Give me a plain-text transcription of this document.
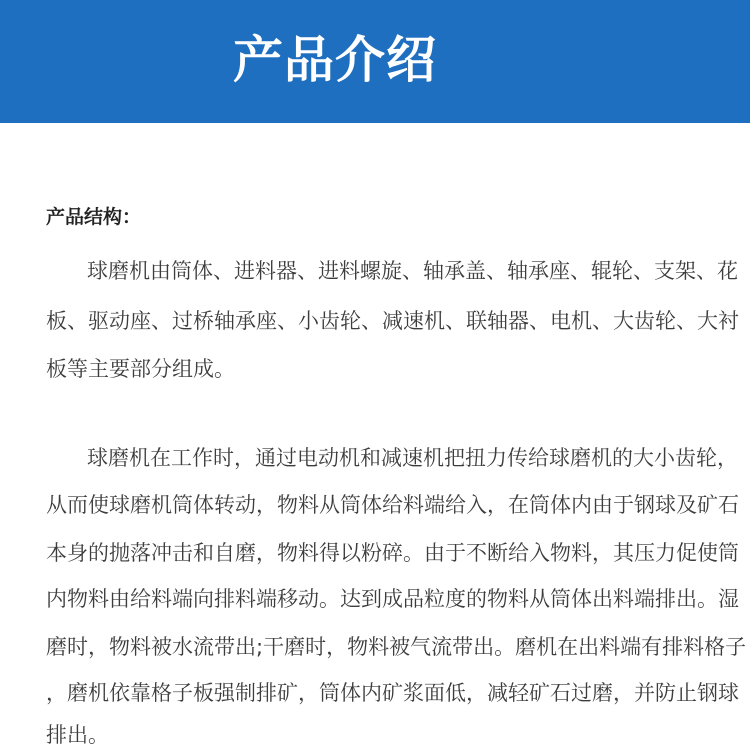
产品介绍
产品结构：
球磨机由筒体、进料器、进料螺旋、轴承盖、轴承座、辊轮、支架、花
板、驱动座、过桥轴承座、小齿轮、减速机、联轴器、电机、大齿轮、大衬
板等主要部分组成。
球磨机在工作时，通过电动机和减速机把扭力传给球磨机的大小齿轮，
从而使球磨机筒体转动，物料从筒体给料端给入，在筒体内由于钢球及矿石
本身的抛落冲击和自磨，物料得以粉碎。由于不断给入物料，其压力促使筒
内物料由给料端向排料端移动。达到成品粒度的物料从筒体出料端排出。湿
磨时，物料被水流带出;干磨时，物料被气流带出。磨机在出料端有排料格子
，磨机依靠格子板强制排矿，筒体内矿浆面低，减轻矿石过磨，并防止钢球
排出。
